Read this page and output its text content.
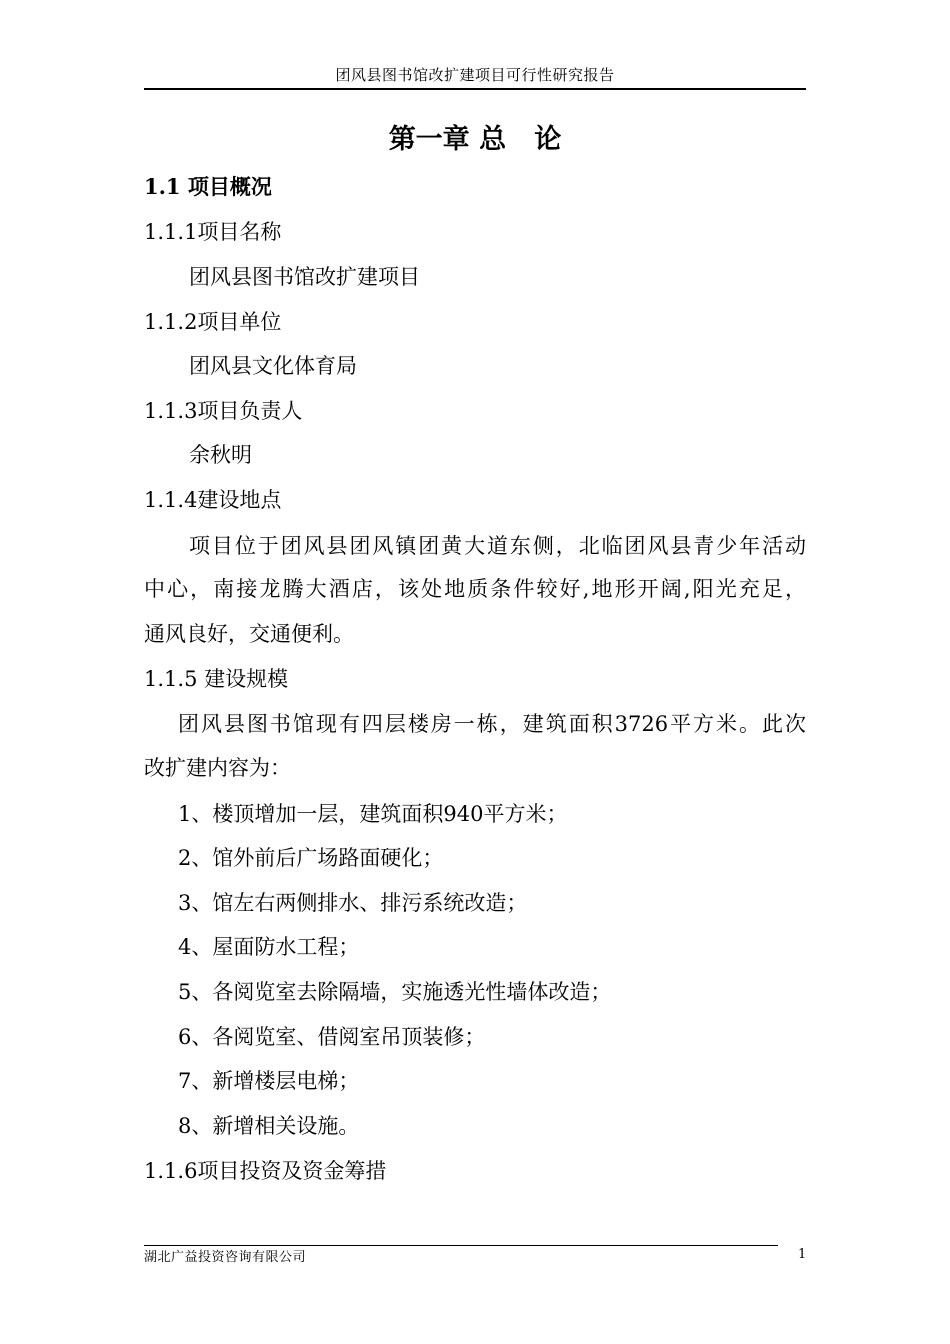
团风县图书馆改扩建项目可行性研究报告
第一章 总   论
1.1 项目概况
1.1.1项目名称
团风县图书馆改扩建项目
1.1.2项目单位
团风县文化体育局
1.1.3项目负责人
余秋明
1.1.4建设地点
项目位于团风县团风镇团黄大道东侧，北临团风县青少年活动
中心，南接龙腾大酒店，该处地质条件较好,地形开阔,阳光充足，
通风良好，交通便利。
1.1.5 建设规模
团风县图书馆现有四层楼房一栋，建筑面积3726平方米。此次
改扩建内容为：
1、楼顶增加一层，建筑面积940平方米；
2、馆外前后广场路面硬化；
3、馆左右两侧排水、排污系统改造；
4、屋面防水工程；
5、各阅览室去除隔墙，实施透光性墙体改造；
6、各阅览室、借阅室吊顶装修；
7、新增楼层电梯；
8、新增相关设施。
1.1.6项目投资及资金筹措
湖北广益投资咨询有限公司	1
